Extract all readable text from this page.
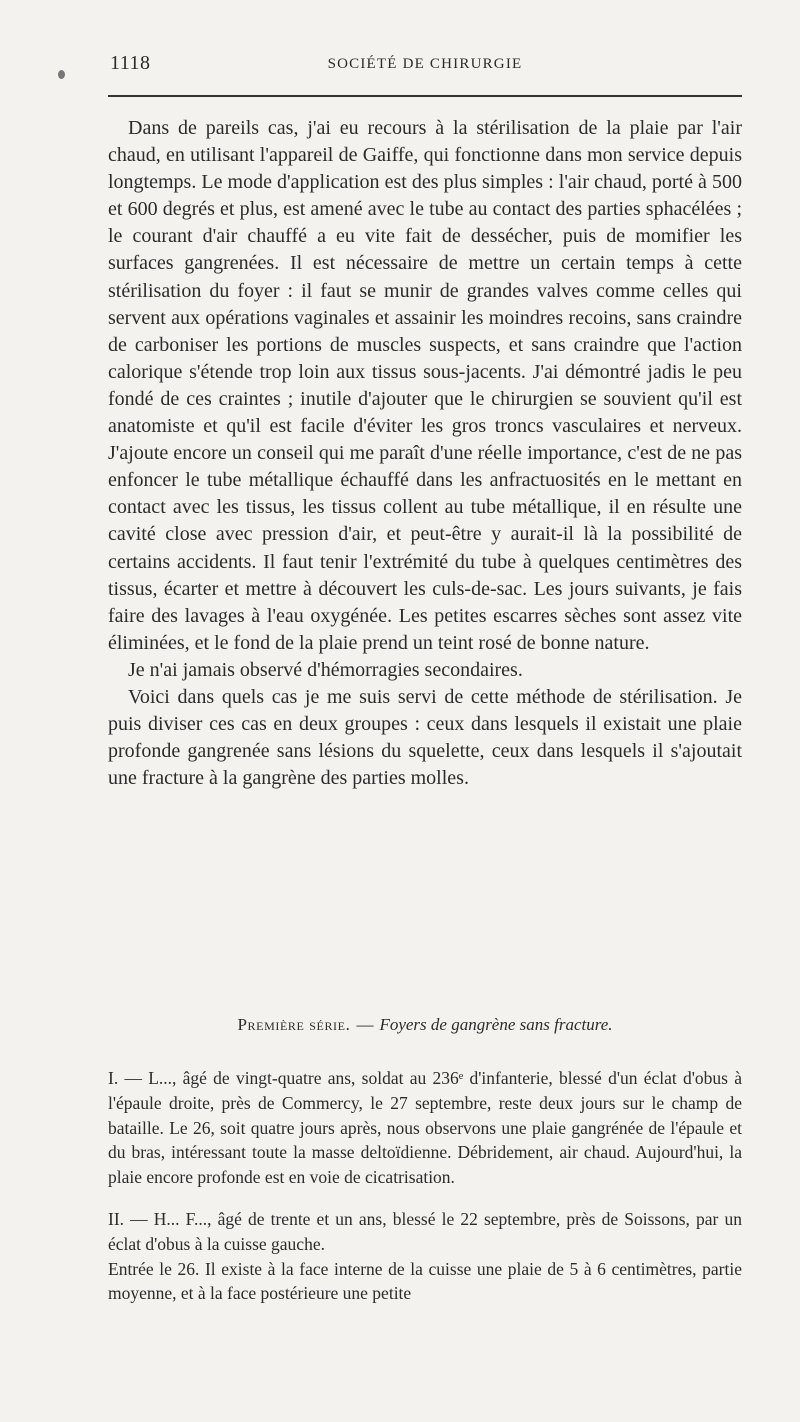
1118	SOCIÉTÉ DE CHIRURGIE

Dans de pareils cas, j'ai eu recours à la stérilisation de la plaie par l'air chaud, en utilisant l'appareil de Gaiffe, qui fonctionne dans mon service depuis longtemps. Le mode d'application est des plus simples : l'air chaud, porté à 500 et 600 degrés et plus, est amené avec le tube au contact des parties sphacélées ; le courant d'air chauffé a eu vite fait de dessécher, puis de momifier les surfaces gangrenées. Il est nécessaire de mettre un certain temps à cette stérilisation du foyer : il faut se munir de grandes valves comme celles qui servent aux opérations vaginales et assainir les moindres recoins, sans craindre de carboniser les portions de muscles suspects, et sans craindre que l'action calorique s'étende trop loin aux tissus sous-jacents. J'ai démontré jadis le peu fondé de ces craintes ; inutile d'ajouter que le chirurgien se souvient qu'il est anatomiste et qu'il est facile d'éviter les gros troncs vasculaires et nerveux. J'ajoute encore un conseil qui me paraît d'une réelle importance, c'est de ne pas enfoncer le tube métallique échauffé dans les anfractuosités en le mettant en contact avec les tissus, les tissus collent au tube métallique, il en résulte une cavité close avec pression d'air, et peut-être y aurait-il là la possibilité de certains accidents. Il faut tenir l'extrémité du tube à quelques centimètres des tissus, écarter et mettre à découvert les culs-de-sac. Les jours suivants, je fais faire des lavages à l'eau oxygénée. Les petites escarres sèches sont assez vite éliminées, et le fond de la plaie prend un teint rosé de bonne nature.

Je n'ai jamais observé d'hémorragies secondaires.

Voici dans quels cas je me suis servi de cette méthode de stérilisation. Je puis diviser ces cas en deux groupes : ceux dans lesquels il existait une plaie profonde gangrenée sans lésions du squelette, ceux dans lesquels il s'ajoutait une fracture à la gangrène des parties molles.

Première série. — Foyers de gangrène sans fracture.

I. — L..., âgé de vingt-quatre ans, soldat au 236ᵉ d'infanterie, blessé d'un éclat d'obus à l'épaule droite, près de Commercy, le 27 septembre, reste deux jours sur le champ de bataille. Le 26, soit quatre jours après, nous observons une plaie gangrénée de l'épaule et du bras, intéressant toute la masse deltoïdienne. Débridement, air chaud. Aujourd'hui, la plaie encore profonde est en voie de cicatrisation.

II. — H... F..., âgé de trente et un ans, blessé le 22 septembre, près de Soissons, par un éclat d'obus à la cuisse gauche.

Entrée le 26. Il existe à la face interne de la cuisse une plaie de 5 à 6 centimètres, partie moyenne, et à la face postérieure une petite
